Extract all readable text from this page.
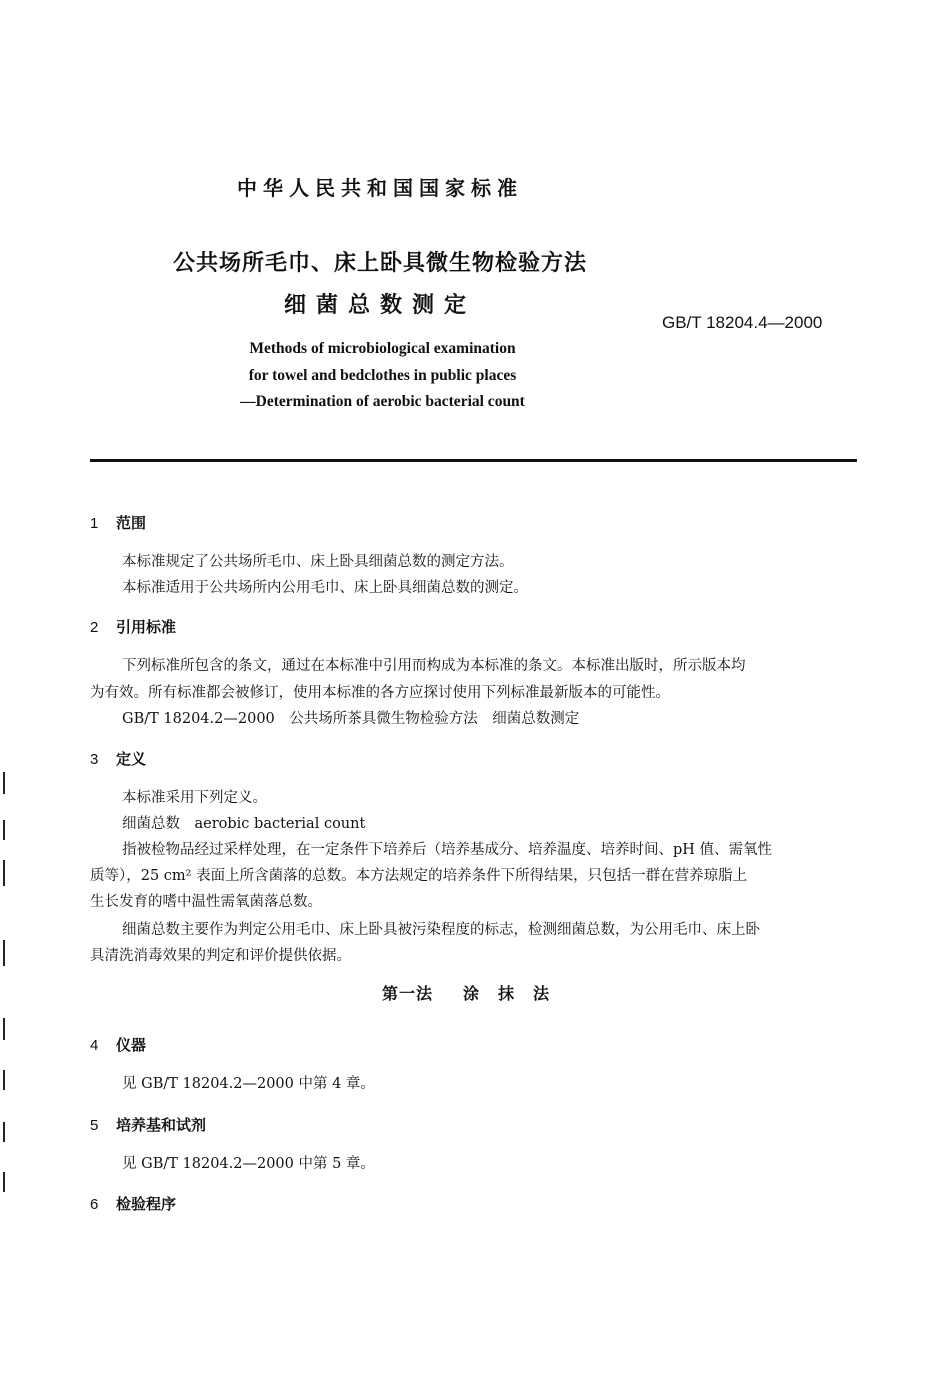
中华人民共和国国家标准
公共场所毛巾、床上卧具微生物检验方法
细菌总数测定
GB/T 18204.4—2000
Methods of microbiological examination
for towel and bedclothes in public places
—Determination of aerobic bacterial count
1 范围
本标准规定了公共场所毛巾、床上卧具细菌总数的测定方法。
本标准适用于公共场所内公用毛巾、床上卧具细菌总数的测定。
2 引用标准
下列标准所包含的条文，通过在本标准中引用而构成为本标准的条文。本标准出版时，所示版本均
为有效。所有标准都会被修订，使用本标准的各方应探讨使用下列标准最新版本的可能性。
GB/T 18204.2—2000　公共场所茶具微生物检验方法　细菌总数测定
3 定义
本标准采用下列定义。
细菌总数　aerobic bacterial count
指被检物品经过采样处理，在一定条件下培养后（培养基成分、培养温度、培养时间、pH 值、需氧性
质等），25 cm² 表面上所含菌落的总数。本方法规定的培养条件下所得结果，只包括一群在营养琼脂上
生长发育的嗜中温性需氧菌落总数。
细菌总数主要作为判定公用毛巾、床上卧具被污染程度的标志，检测细菌总数，为公用毛巾、床上卧
具清洗消毒效果的判定和评价提供依据。
第一法 涂 抹 法
4 仪器
见 GB/T 18204.2—2000 中第 4 章。
5 培养基和试剂
见 GB/T 18204.2—2000 中第 5 章。
6 检验程序
